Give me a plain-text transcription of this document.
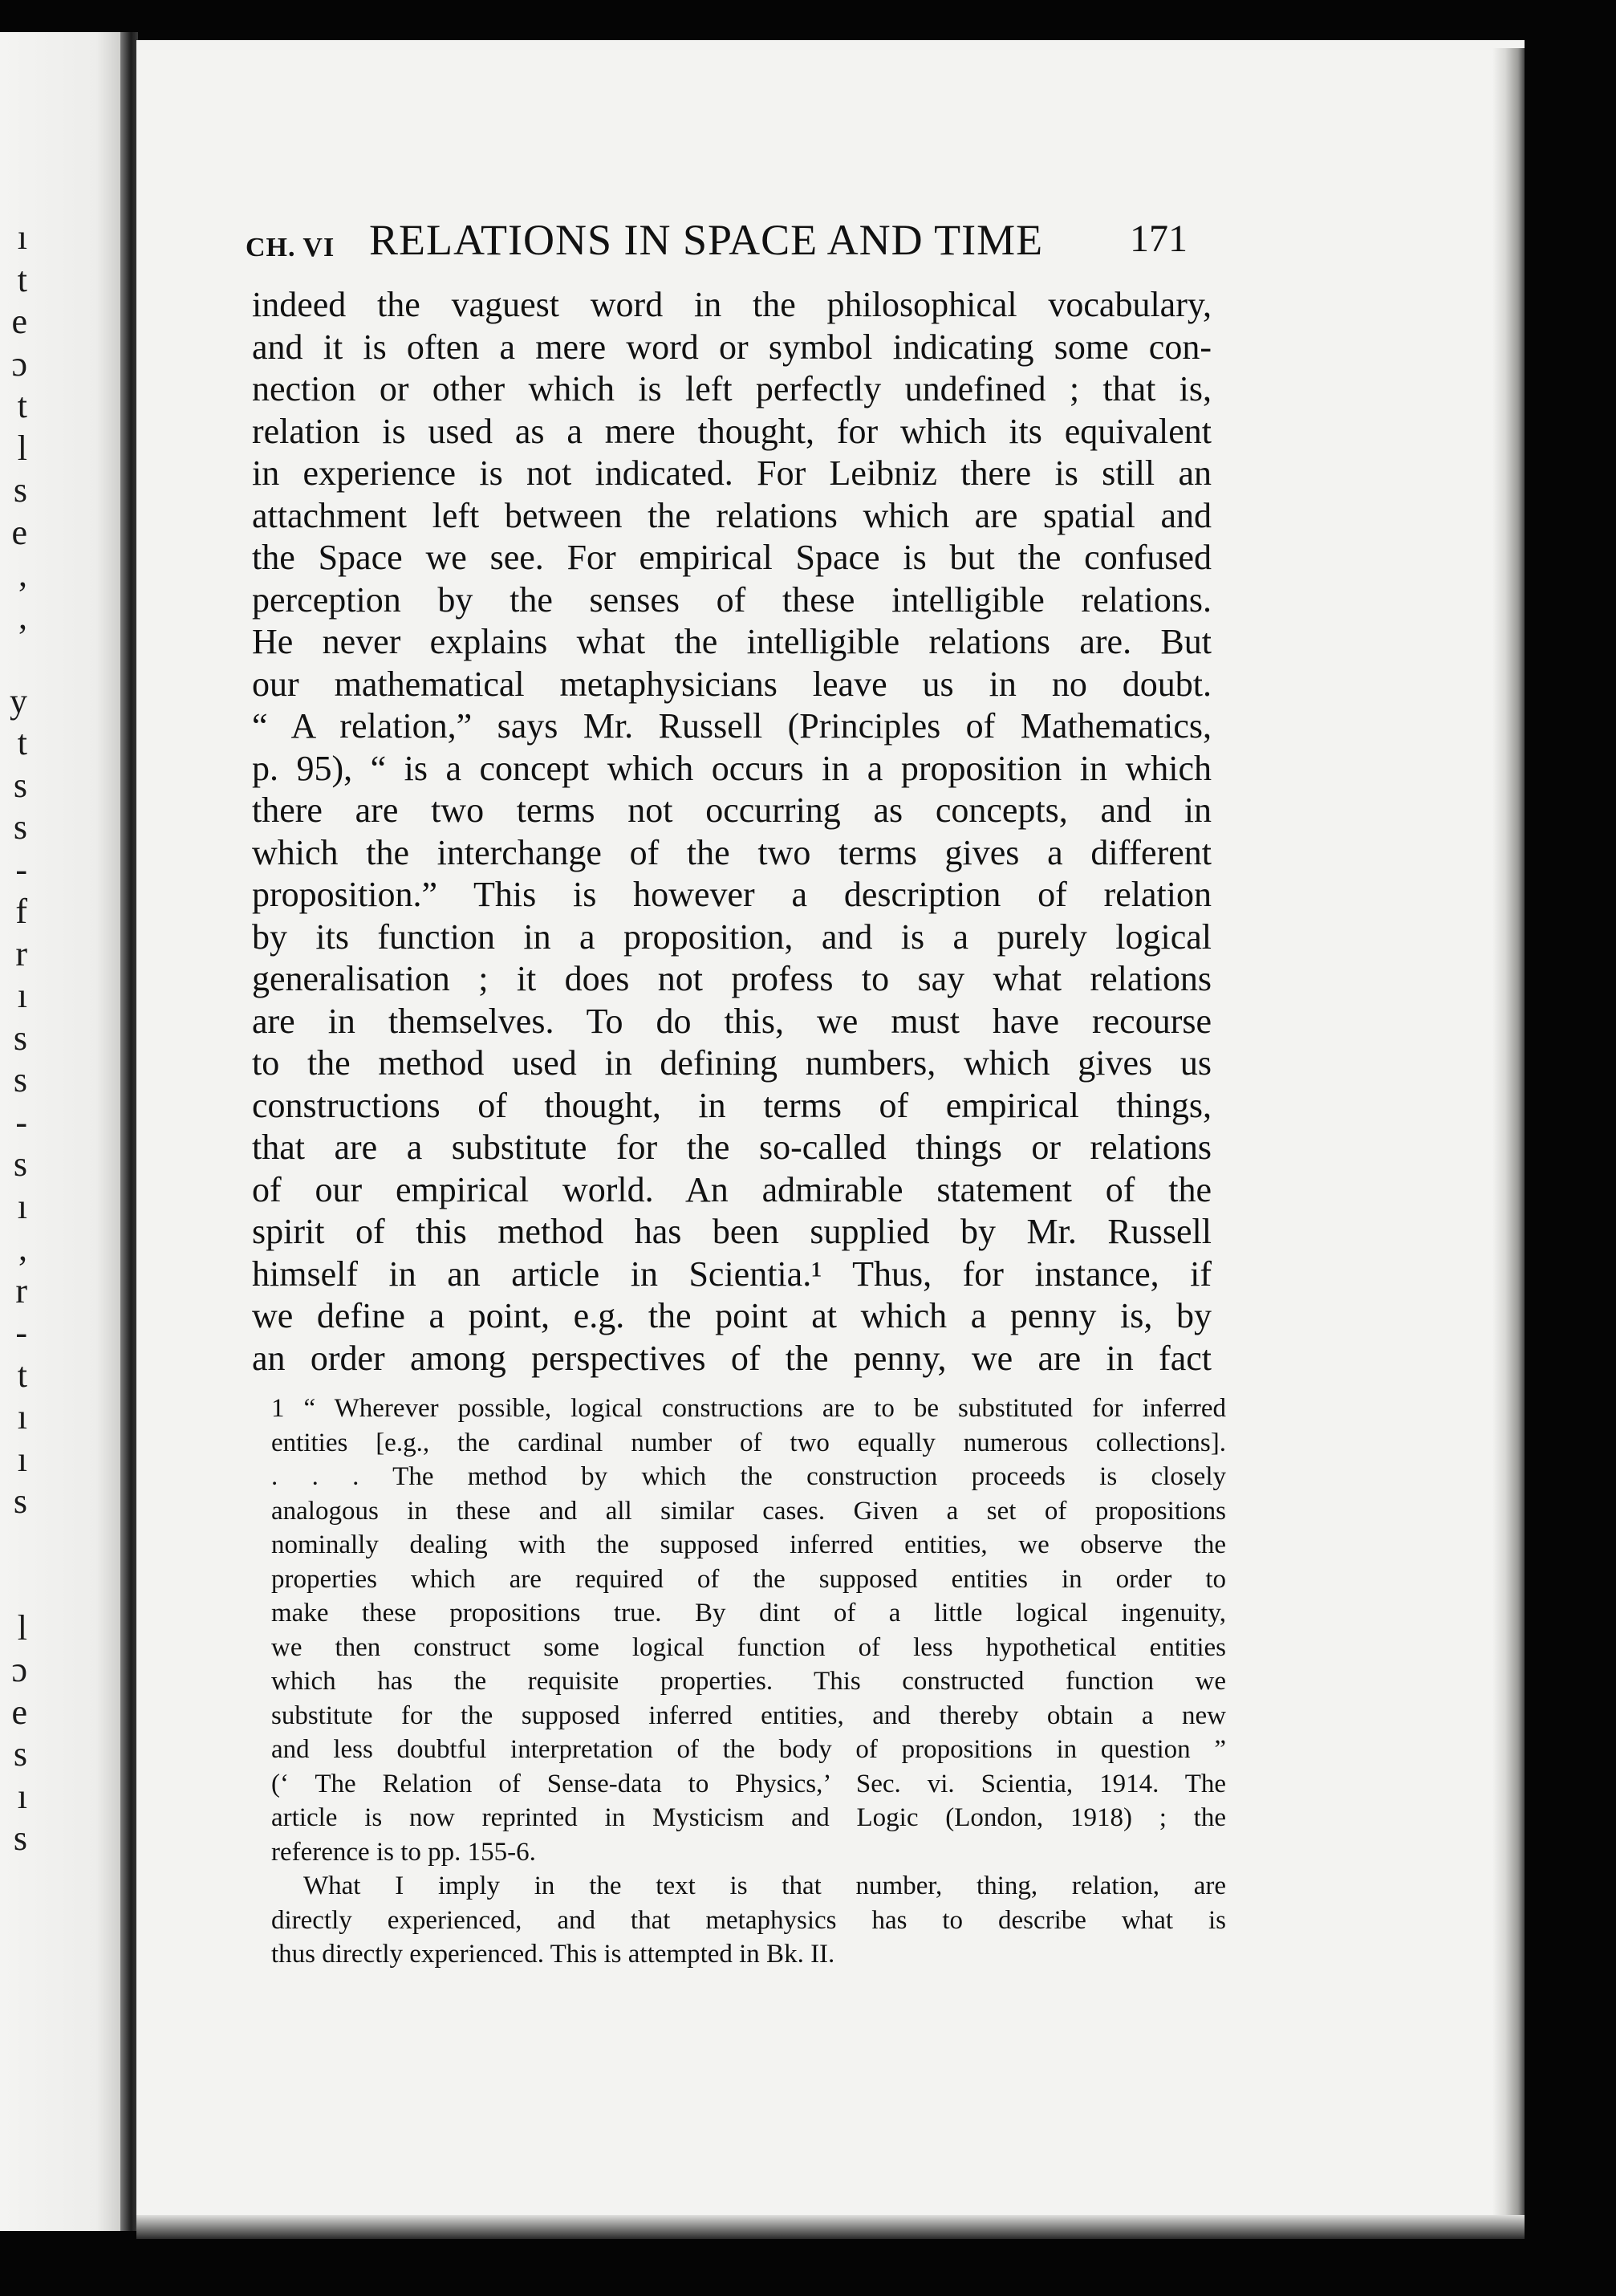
ı
t
e
ɔ
t
l
s
e
,
,
y
t
s
s
-
f
r
ı
s
s
-
s
ı
,
r
-
t
ı
ı
s
l
ɔ
e
s
ı
s
CH. VI RELATIONS IN SPACE AND TIME 171
indeed the vaguest word in the philosophical vocabulary,
and it is often a mere word or symbol indicating some con-
nection or other which is left perfectly undefined ; that is,
relation is used as a mere thought, for which its equivalent
in experience is not indicated. For Leibniz there is still an
attachment left between the relations which are spatial and
the Space we see. For empirical Space is but the confused
perception by the senses of these intelligible relations.
He never explains what the intelligible relations are. But
our mathematical metaphysicians leave us in no doubt.
“ A relation,” says Mr. Russell (Principles of Mathematics,
p. 95), “ is a concept which occurs in a proposition in which
there are two terms not occurring as concepts, and in
which the interchange of the two terms gives a different
proposition.” This is however a description of relation
by its function in a proposition, and is a purely logical
generalisation ; it does not profess to say what relations
are in themselves. To do this, we must have recourse
to the method used in defining numbers, which gives us
constructions of thought, in terms of empirical things,
that are a substitute for the so-called things or relations
of our empirical world. An admirable statement of the
spirit of this method has been supplied by Mr. Russell
himself in an article in Scientia.¹ Thus, for instance, if
we define a point, e.g. the point at which a penny is, by
an order among perspectives of the penny, we are in fact
1 “ Wherever possible, logical constructions are to be substituted for inferred
entities [e.g., the cardinal number of two equally numerous collections].
. . . The method by which the construction proceeds is closely
analogous in these and all similar cases. Given a set of propositions
nominally dealing with the supposed inferred entities, we observe the
properties which are required of the supposed entities in order to
make these propositions true. By dint of a little logical ingenuity,
we then construct some logical function of less hypothetical entities
which has the requisite properties. This constructed function we
substitute for the supposed inferred entities, and thereby obtain a new
and less doubtful interpretation of the body of propositions in question ”
(‘ The Relation of Sense-data to Physics,’ Sec. vi. Scientia, 1914. The
article is now reprinted in Mysticism and Logic (London, 1918) ; the
reference is to pp. 155-6.
What I imply in the text is that number, thing, relation, are
directly experienced, and that metaphysics has to describe what is
thus directly experienced. This is attempted in Bk. II.
